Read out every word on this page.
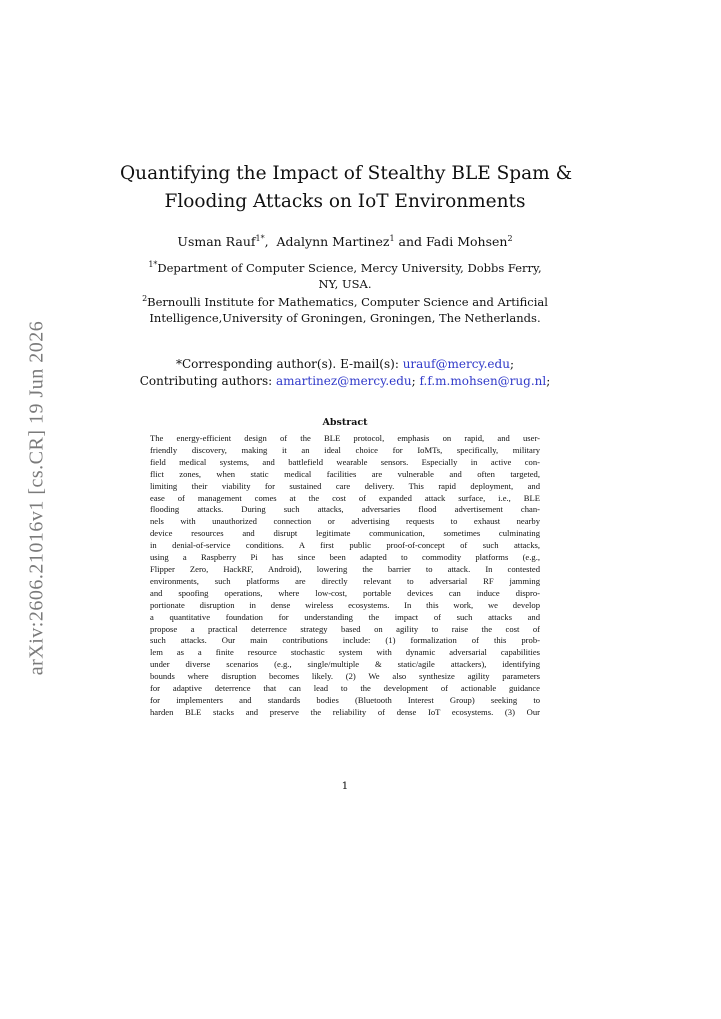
arXiv:2606.21016v1 [cs.CR] 19 Jun 2026
Quantifying the Impact of Stealthy BLE Spam &
Flooding Attacks on IoT Environments
Usman Rauf$^{1*}$,  Adalynn Martinez$^1$ and Fadi Mohsen$^2$
$^{1*}$Department of Computer Science, Mercy University, Dobbs Ferry,
NY, USA.
$^2$Bernoulli Institute for Mathematics, Computer Science and Artificial
Intelligence,University of Groningen, Groningen, The Netherlands.
*Corresponding author(s). E-mail(s): urauf@mercy.edu;
Contributing authors: amartinez@mercy.edu; f.f.m.mohsen@rug.nl;
Abstract
The energy-efficient design of the BLE protocol, emphasis on rapid, and user-
friendly discovery, making it an ideal choice for IoMTs, specifically, military
field medical systems, and battlefield wearable sensors. Especially in active con-
flict zones, when static medical facilities are vulnerable and often targeted,
limiting their viability for sustained care delivery. This rapid deployment, and
ease of management comes at the cost of expanded attack surface, i.e., BLE
flooding attacks. During such attacks, adversaries flood advertisement chan-
nels with unauthorized connection or advertising requests to exhaust nearby
device resources and disrupt legitimate communication, sometimes culminating
in denial-of-service conditions. A first public proof-of-concept of such attacks,
using a Raspberry Pi has since been adapted to commodity platforms (e.g.,
Flipper Zero, HackRF, Android), lowering the barrier to attack. In contested
environments, such platforms are directly relevant to adversarial RF jamming
and spoofing operations, where low-cost, portable devices can induce dispro-
portionate disruption in dense wireless ecosystems. In this work, we develop
a quantitative foundation for understanding the impact of such attacks and
propose a practical deterrence strategy based on agility to raise the cost of
such attacks. Our main contributions include: (1) formalization of this prob-
lem as a finite resource stochastic system with dynamic adversarial capabilities
under diverse scenarios (e.g., single/multiple & static/agile attackers), identifying
bounds where disruption becomes likely. (2) We also synthesize agility parameters
for adaptive deterrence that can lead to the development of actionable guidance
for implementers and standards bodies (Bluetooth Interest Group) seeking to
harden BLE stacks and preserve the reliability of dense IoT ecosystems. (3) Our
1
